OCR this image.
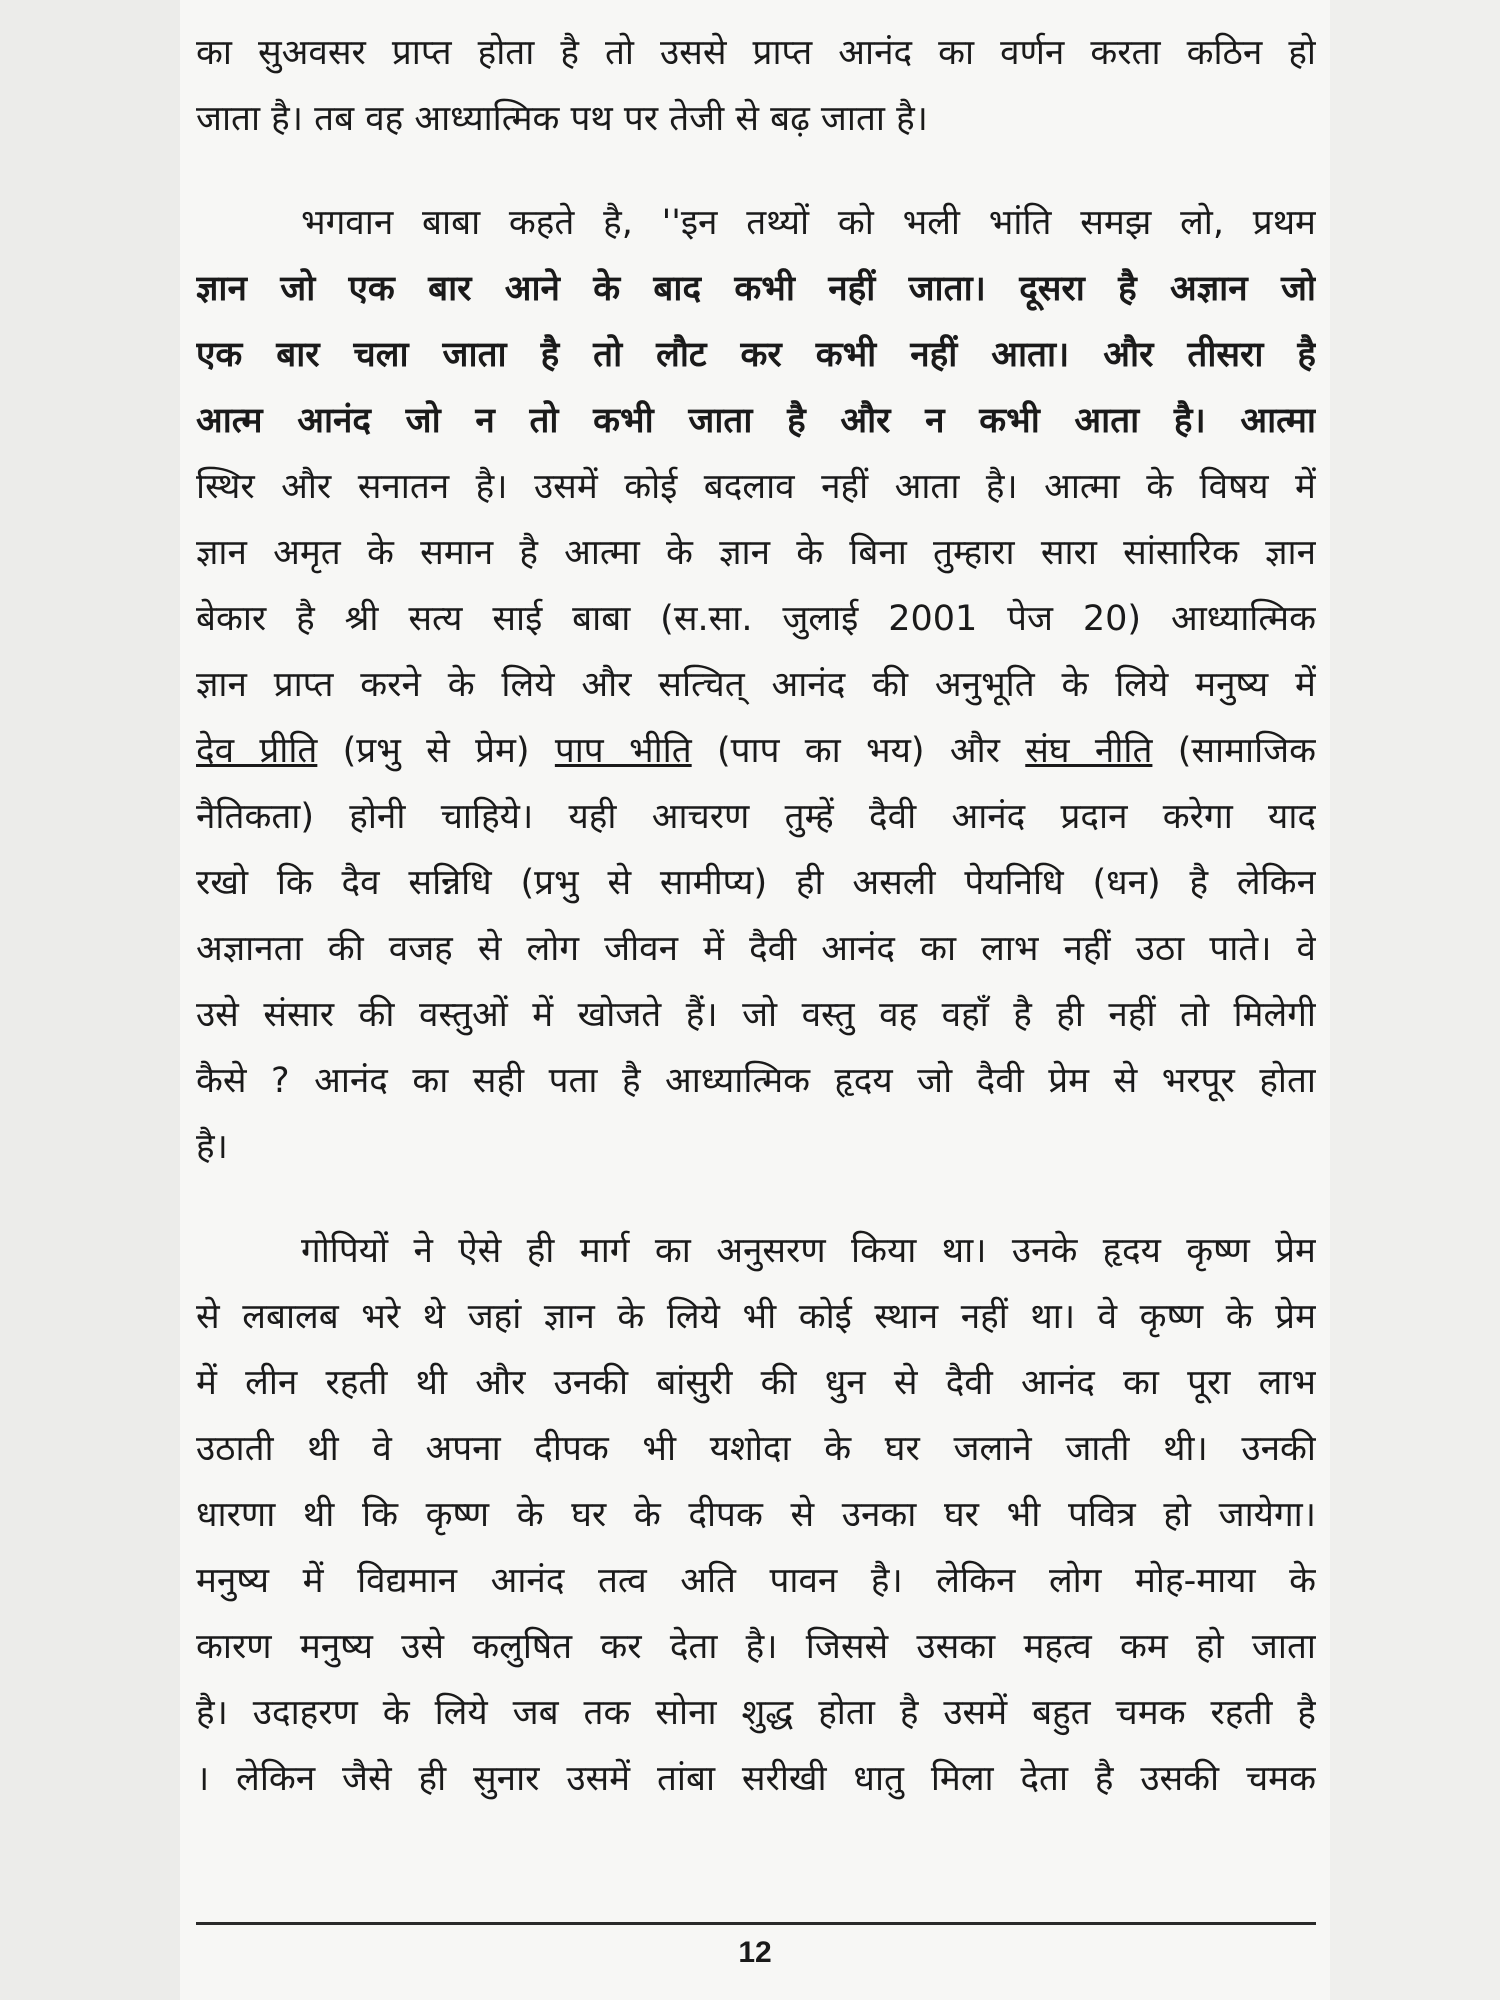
का सुअवसर प्राप्त होता है तो उससे प्राप्त आनंद का वर्णन करता कठिन हो
जाता है। तब वह आध्यात्मिक पथ पर तेजी से बढ़ जाता है।
भगवान बाबा कहते है, ''इन तथ्यों को भली भांति समझ लो, प्रथम
ज्ञान जो एक बार आने के बाद कभी नहीं जाता। दूसरा है अज्ञान जो
एक बार चला जाता है तो लौट कर कभी नहीं आता। और तीसरा है
आत्म आनंद जो न तो कभी जाता है और न कभी आता है। आत्मा
स्थिर और सनातन है। उसमें कोई बदलाव नहीं आता है। आत्मा के विषय में
ज्ञान अमृत के समान है आत्मा के ज्ञान के बिना तुम्हारा सारा सांसारिक ज्ञान
बेकार है श्री सत्य साई बाबा (स.सा. जुलाई 2001 पेज 20) आध्यात्मिक
ज्ञान प्राप्त करने के लिये और सत्चित् आनंद की अनुभूति के लिये मनुष्य में
देव प्रीति (प्रभु से प्रेम) पाप भीति (पाप का भय) और संघ नीति (सामाजिक
नैतिकता) होनी चाहिये। यही आचरण तुम्हें दैवी आनंद प्रदान करेगा याद
रखो कि दैव सन्निधि (प्रभु से सामीप्य) ही असली पेयनिधि (धन) है लेकिन
अज्ञानता की वजह से लोग जीवन में दैवी आनंद का लाभ नहीं उठा पाते। वे
उसे संसार की वस्तुओं में खोजते हैं। जो वस्तु वह वहाँ है ही नहीं तो मिलेगी
कैसे ? आनंद का सही पता है आध्यात्मिक हृदय जो दैवी प्रेम से भरपूर होता
है।
गोपियों ने ऐसे ही मार्ग का अनुसरण किया था। उनके हृदय कृष्ण प्रेम
से लबालब भरे थे जहां ज्ञान के लिये भी कोई स्थान नहीं था। वे कृष्ण के प्रेम
में लीन रहती थी और उनकी बांसुरी की धुन से दैवी आनंद का पूरा लाभ
उठाती थी वे अपना दीपक भी यशोदा के घर जलाने जाती थी। उनकी
धारणा थी कि कृष्ण के घर के दीपक से उनका घर भी पवित्र हो जायेगा।
मनुष्य में विद्यमान आनंद तत्व अति पावन है। लेकिन लोग मोह-माया के
कारण मनुष्य उसे कलुषित कर देता है। जिससे उसका महत्व कम हो जाता
है। उदाहरण के लिये जब तक सोना शुद्ध होता है उसमें बहुत चमक रहती है
। लेकिन जैसे ही सुनार उसमें तांबा सरीखी धातु मिला देता है उसकी चमक
12
